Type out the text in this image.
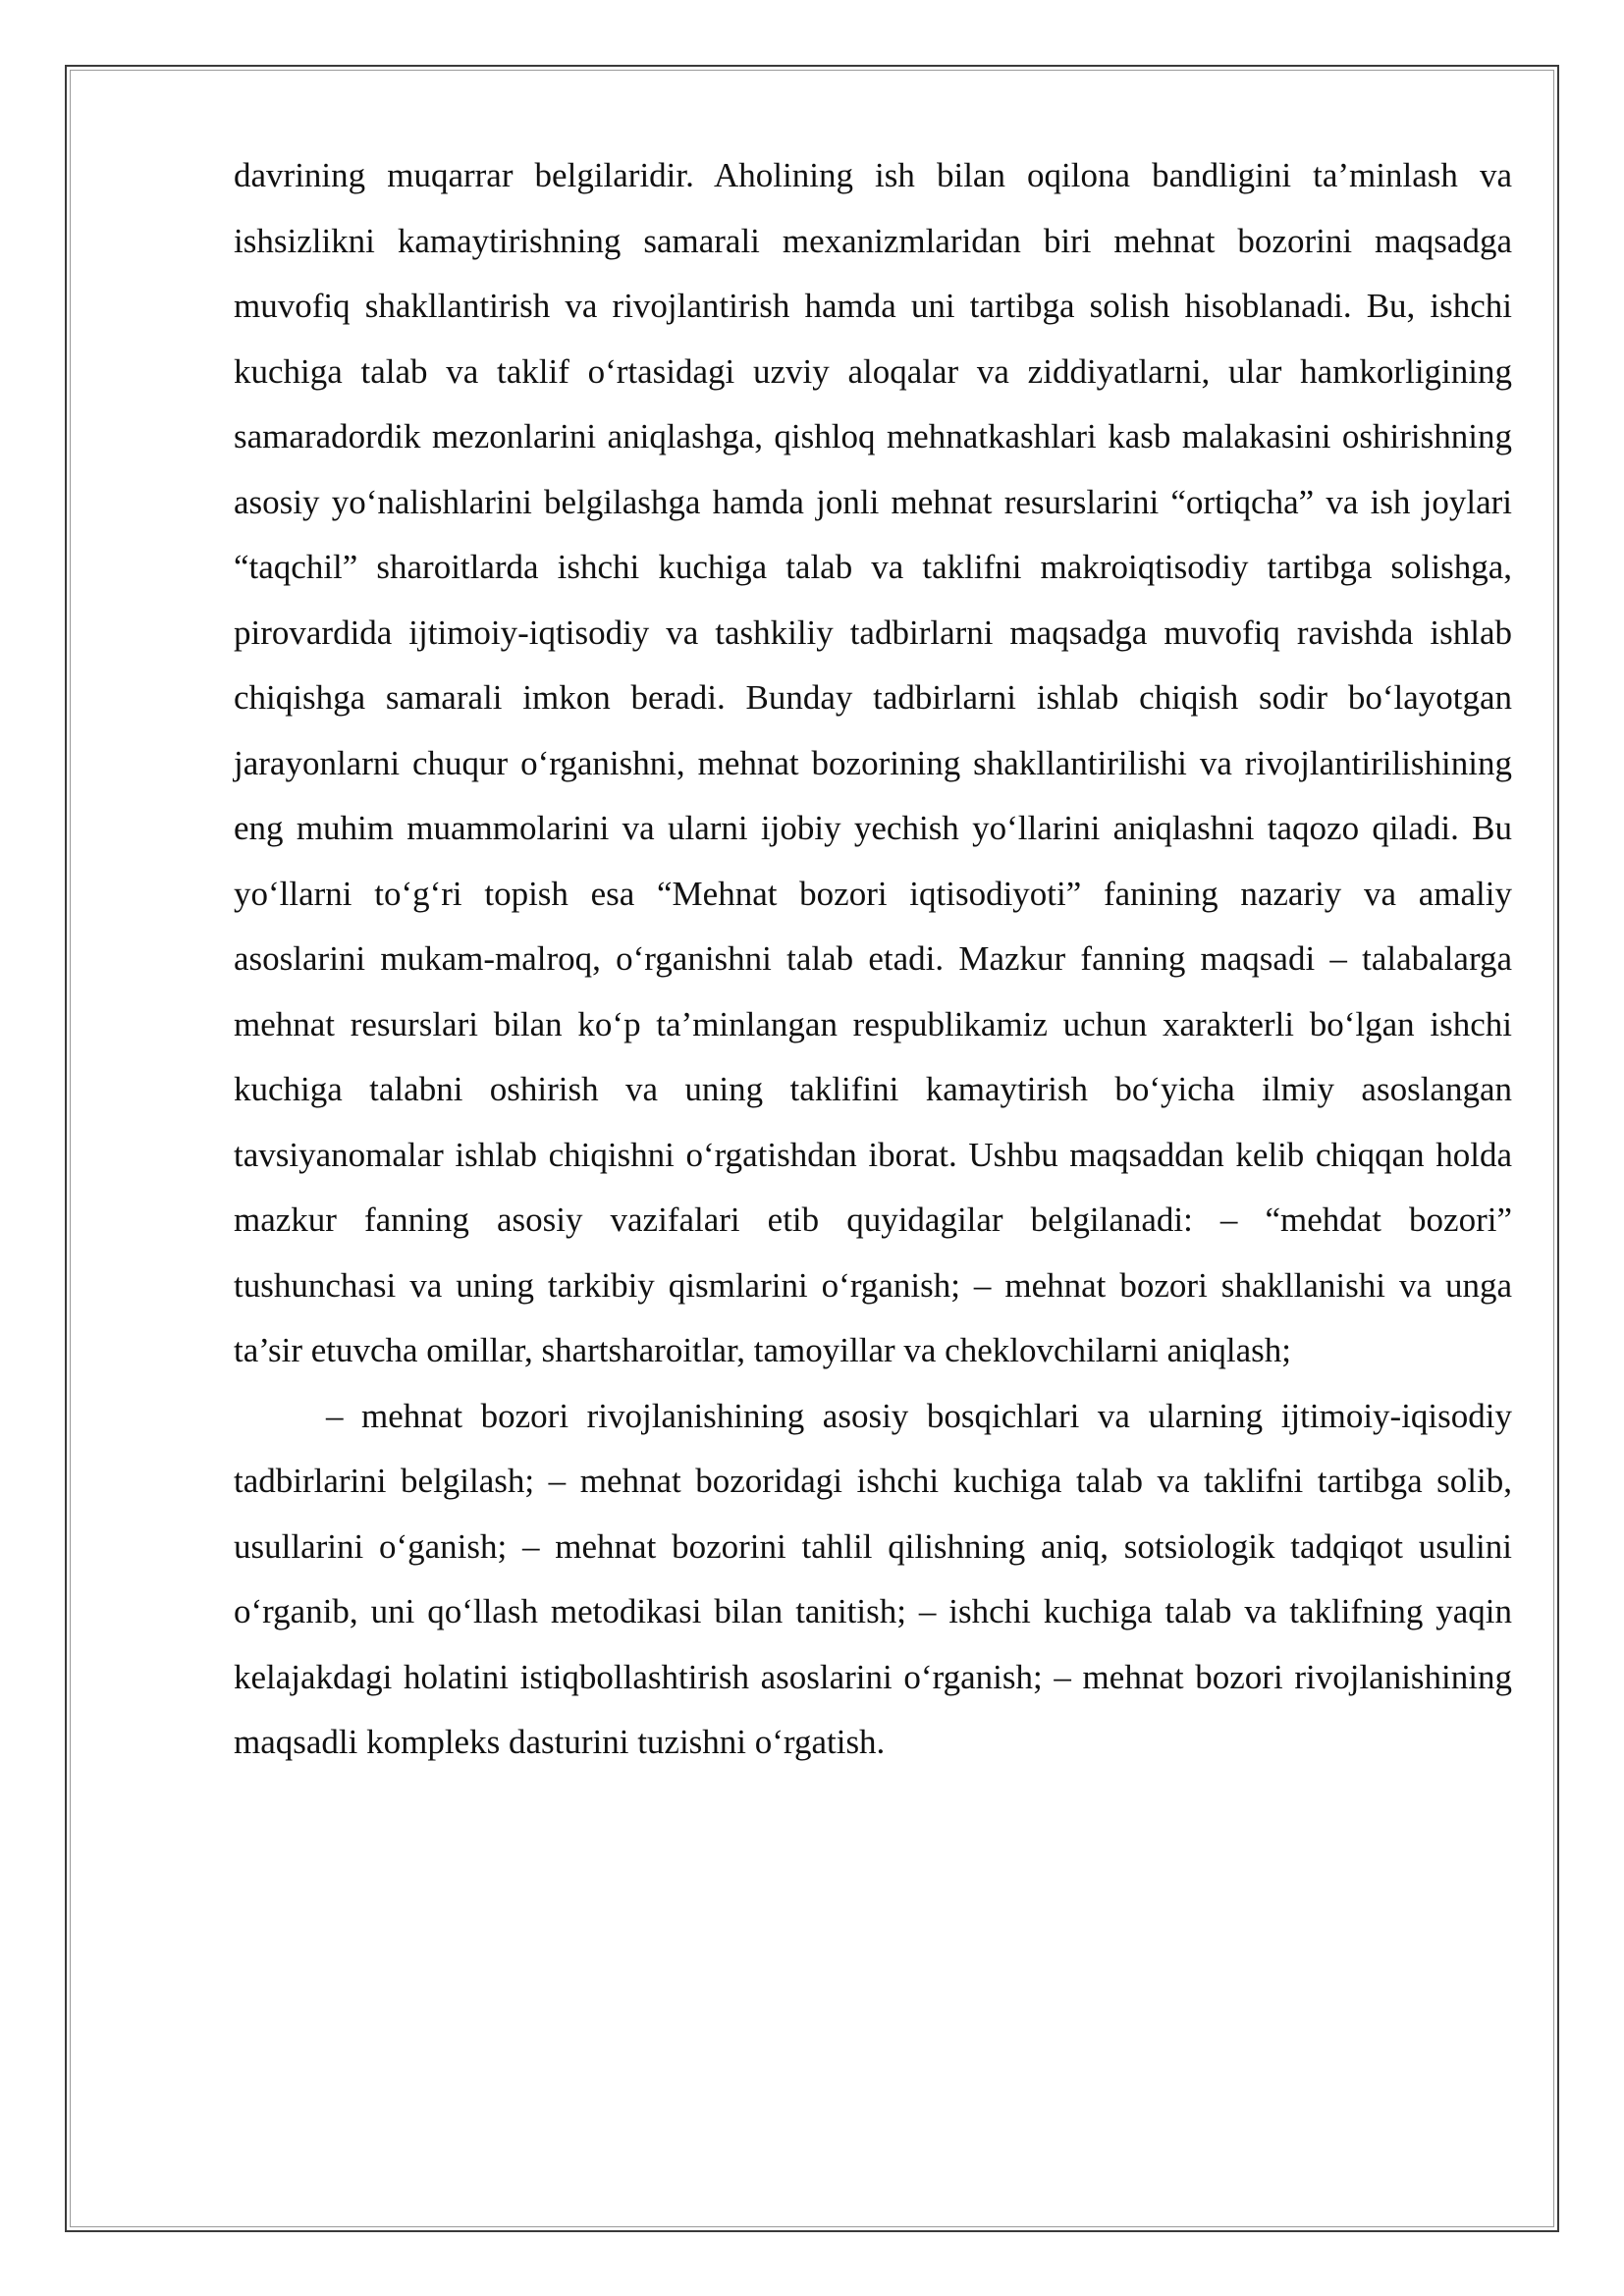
davrining muqarrar belgilaridir. Aholining ish bilan oqilona bandligini ta’minlash va ishsizlikni kamaytirishning samarali mexanizmlaridan biri mehnat bozorini maqsadga muvofiq shakllantirish va rivojlantirish hamda uni tartibga solish hisoblanadi. Bu, ishchi kuchiga talab va taklif o‘rtasidagi uzviy aloqalar va ziddiyatlarni, ular hamkorligining samaradordik mezonlarini aniqlashga, qishloq mehnatkashlari kasb malakasini oshirishning asosiy yo‘nalishlarini belgilashga hamda jonli mehnat resurslarini “ortiqcha” va ish joylari “taqchil” sharoitlarda ishchi kuchiga talab va taklifni makroiqtisodiy tartibga solishga, pirovardida ijtimoiy-iqtisodiy va tashkiliy tadbirlarni maqsadga muvofiq ravishda ishlab chiqishga samarali imkon beradi. Bunday tadbirlarni ishlab chiqish sodir bo‘layotgan jarayonlarni chuqur o‘rganishni, mehnat bozorining shakllantirilishi va rivojlantirilishining eng muhim muammolarini va ularni ijobiy yechish yo‘llarini aniqlashni taqozo qiladi. Bu yo‘llarni to‘g‘ri topish esa “Mehnat bozori iqtisodiyoti” fanining nazariy va amaliy asoslarini mukam-malroq, o‘rganishni talab etadi. Mazkur fanning maqsadi – talabalarga mehnat resurslari bilan ko‘p ta’minlangan respublikamiz uchun xarakterli bo‘lgan ishchi kuchiga talabni oshirish va uning taklifini kamaytirish bo‘yicha ilmiy asoslangan tavsiyanomalar ishlab chiqishni o‘rgatishdan iborat. Ushbu maqsaddan kelib chiqqan holda mazkur fanning asosiy vazifalari etib quyidagilar belgilanadi: – “mehdat bozori” tushunchasi va uning tarkibiy qismlarini o‘rganish; – mehnat bozori shakllanishi va unga ta’sir etuvcha omillar, shartsharoitlar, tamoyillar va cheklovchilarni aniqlash;

– mehnat bozori rivojlanishining asosiy bosqichlari va ularning ijtimoiy-iqisodiy tadbirlarini belgilash; – mehnat bozoridagi ishchi kuchiga talab va taklifni tartibga solib, usullarini o‘ganish; – mehnat bozorini tahlil qilishning aniq, sotsiologik tadqiqot usulini o‘rganib, uni qo‘llash metodikasi bilan tanitish; – ishchi kuchiga talab va taklifning yaqin kelajakdagi holatini istiqbollashtirish asoslarini o‘rganish; – mehnat bozori rivojlanishining maqsadli kompleks dasturini tuzishni o‘rgatish.
